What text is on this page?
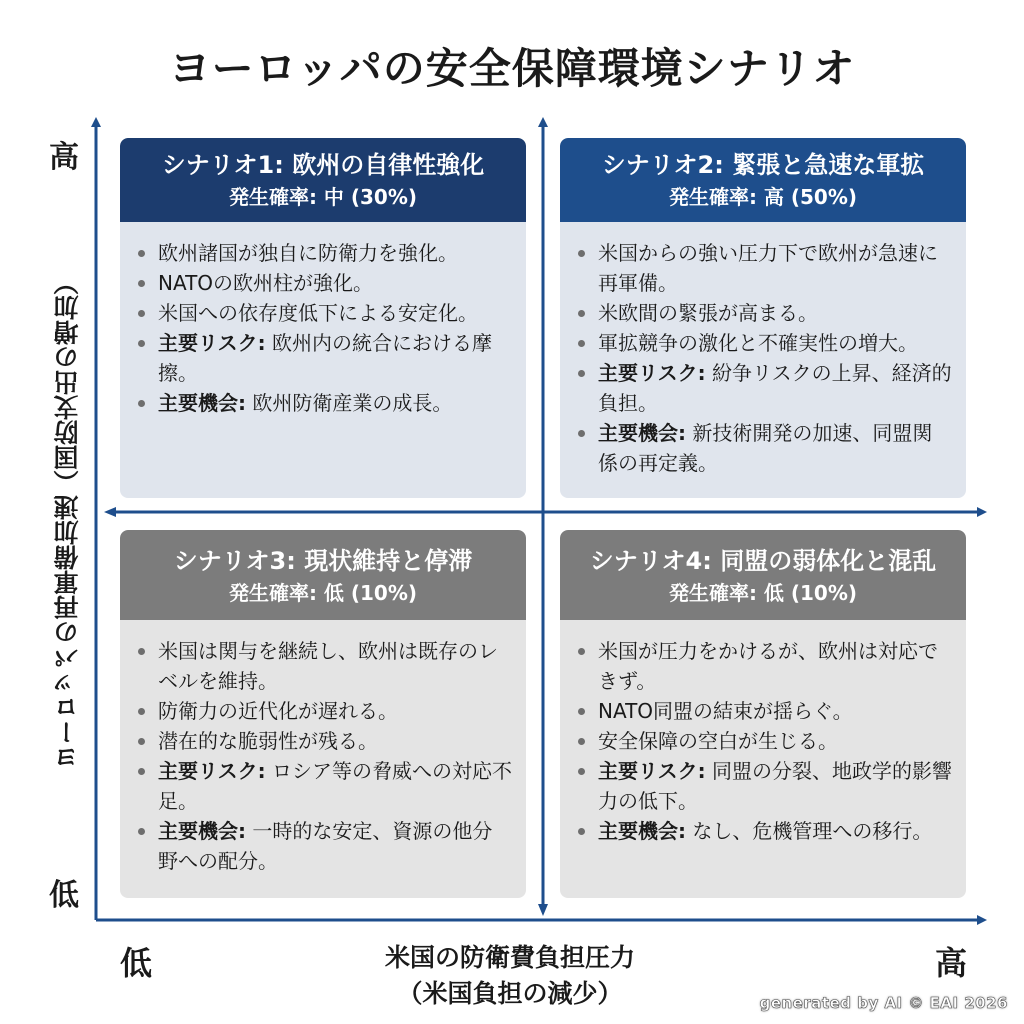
ヨーロッパの安全保障環境シナリオ
高
ヨーロッパの再軍備加速（国防支出の増加）
低
低	米国の防衛費負担圧力
（米国負担の減少）
高
シナリオ1: 欧州の自律性強化
発生確率: 中 (30%)
欧州諸国が独自に防衛力を強化。
NATOの欧州柱が強化。
米国への依存度低下による安定化。
主要リスク: 欧州内の統合における摩擦。
主要機会: 欧州防衛産業の成長。
シナリオ2: 緊張と急速な軍拡
発生確率: 高 (50%)
米国からの強い圧力下で欧州が急速に再軍備。
米欧間の緊張が高まる。
軍拡競争の激化と不確実性の増大。
主要リスク: 紛争リスクの上昇、経済的負担。
主要機会: 新技術開発の加速、同盟関係の再定義。
シナリオ3: 現状維持と停滞
発生確率: 低 (10%)
米国は関与を継続し、欧州は既存のレベルを維持。
防衛力の近代化が遅れる。
潜在的な脆弱性が残る。
主要リスク: ロシア等の脅威への対応不足。
主要機会: 一時的な安定、資源の他分野への配分。
シナリオ4: 同盟の弱体化と混乱
発生確率: 低 (10%)
米国が圧力をかけるが、欧州は対応できず。
NATO同盟の結束が揺らぐ。
安全保障の空白が生じる。
主要リスク: 同盟の分裂、地政学的影響力の低下。
主要機会: なし、危機管理への移行。
generated by AI © EAI 2026
